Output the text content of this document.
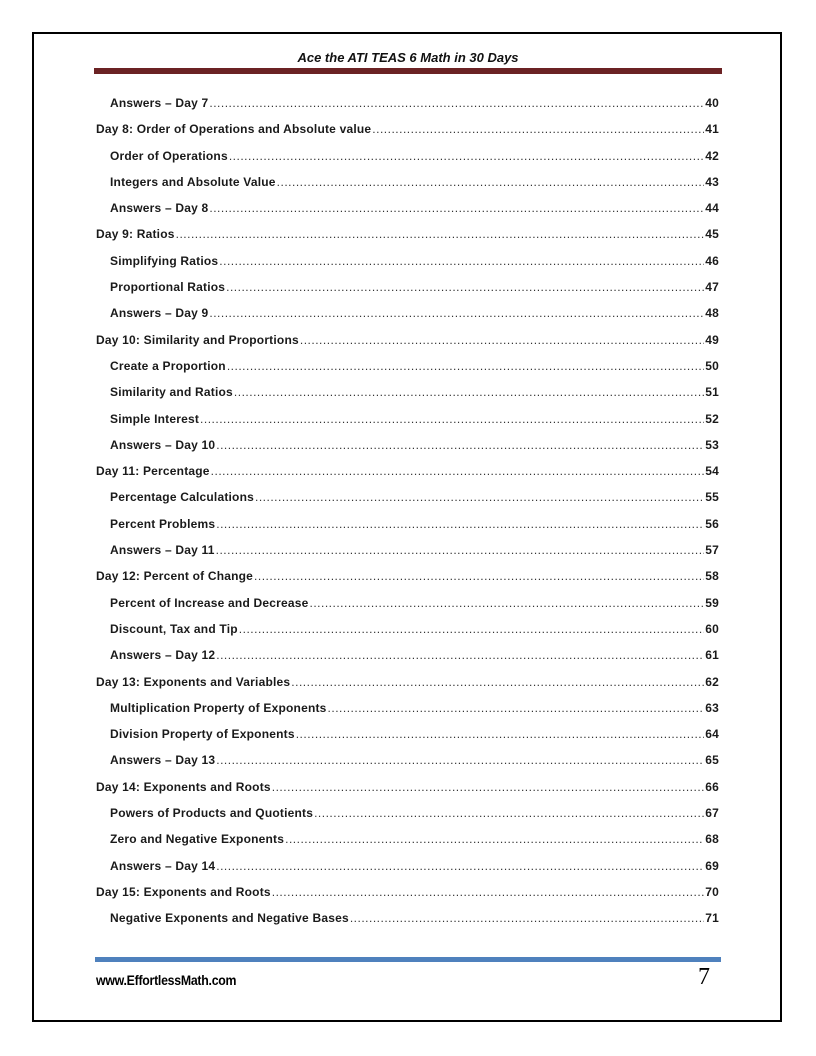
Ace the ATI TEAS 6 Math in 30 Days
Answers – Day 7 .....	40
Day 8: Order of Operations and Absolute value .....	41
Order of Operations .....	42
Integers and Absolute Value .....	43
Answers – Day 8 .....	44
Day 9: Ratios .....	45
Simplifying Ratios .....	46
Proportional Ratios .....	47
Answers – Day 9 .....	48
Day 10: Similarity and Proportions .....	49
Create a Proportion .....	50
Similarity and Ratios .....	51
Simple Interest .....	52
Answers – Day 10 .....	53
Day 11: Percentage .....	54
Percentage Calculations .....	55
Percent Problems .....	56
Answers – Day 11 .....	57
Day 12: Percent of Change .....	58
Percent of Increase and Decrease .....	59
Discount, Tax and Tip .....	60
Answers – Day 12 .....	61
Day 13: Exponents and Variables .....	62
Multiplication Property of Exponents .....	63
Division Property of Exponents .....	64
Answers – Day 13 .....	65
Day 14: Exponents and Roots .....	66
Powers of Products and Quotients .....	67
Zero and Negative Exponents .....	68
Answers – Day 14 .....	69
Day 15: Exponents and Roots .....	70
Negative Exponents and Negative Bases .....	71
www.EffortlessMath.com	7
